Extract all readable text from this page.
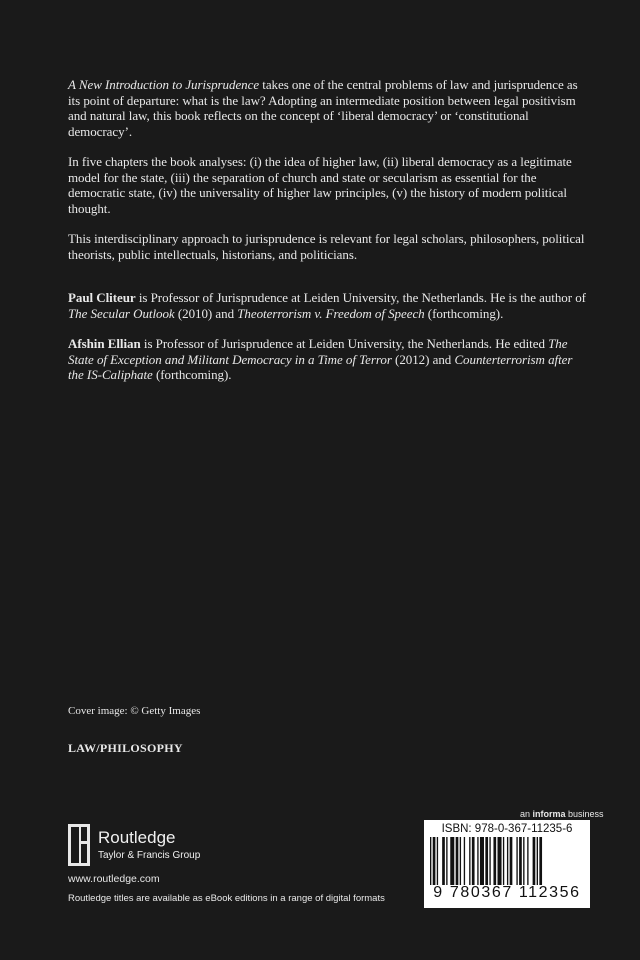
A New Introduction to Jurisprudence takes one of the central problems of law and jurisprudence as its point of departure: what is the law? Adopting an intermediate position between legal positivism and natural law, this book reflects on the concept of ‘liberal democracy’ or ‘constitutional democracy’.

In five chapters the book analyses: (i) the idea of higher law, (ii) liberal democracy as a legitimate model for the state, (iii) the separation of church and state or secularism as essential for the democratic state, (iv) the universality of higher law principles, (v) the history of modern political thought.

This interdisciplinary approach to jurisprudence is relevant for legal scholars, philosophers, political theorists, public intellectuals, historians, and politicians.

Paul Cliteur is Professor of Jurisprudence at Leiden University, the Netherlands. He is the author of The Secular Outlook (2010) and Theoterrorism v. Freedom of Speech (forthcoming).

Afshin Ellian is Professor of Jurisprudence at Leiden University, the Netherlands. He edited The State of Exception and Militant Democracy in a Time of Terror (2012) and Counterterrorism after the IS-Caliphate (forthcoming).

Cover image: © Getty Images
LAW/PHILOSOPHY
an informa business
Routledge
Taylor & Francis Group
www.routledge.com
Routledge titles are available as eBook editions in a range of digital formats
ISBN: 978-0-367-11235-6
9 780367 112356
